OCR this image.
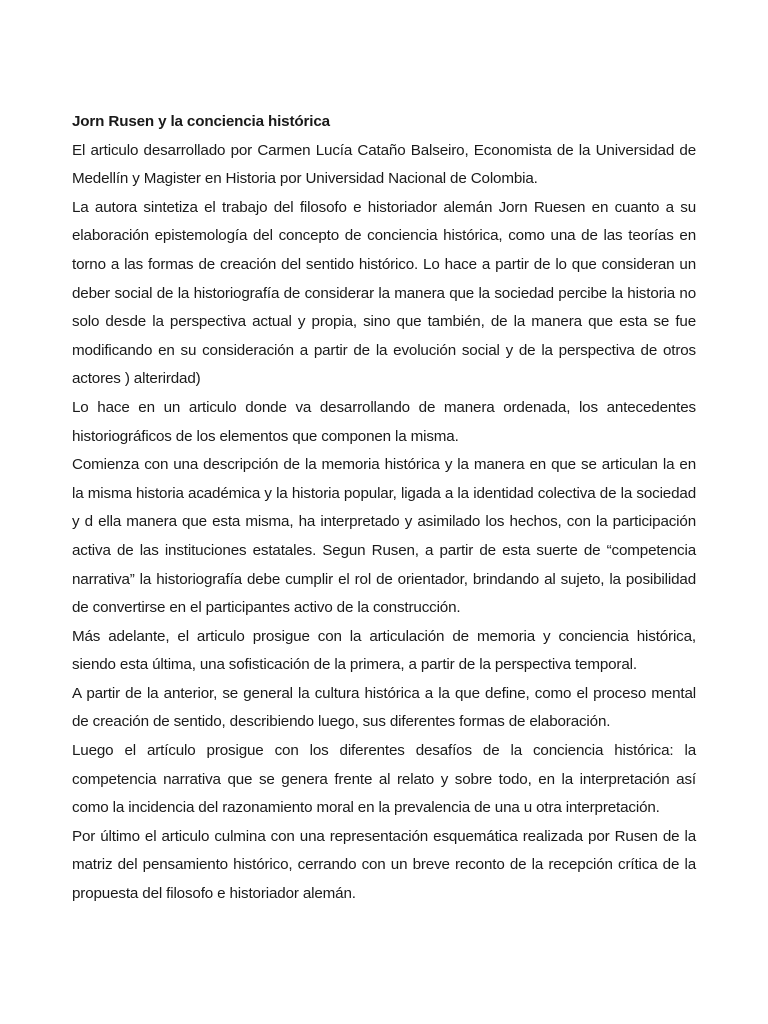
Jorn Rusen y la conciencia histórica

El articulo desarrollado por Carmen Lucía Cataño Balseiro, Economista de la Universidad de Medellín y Magister en Historia por Universidad Nacional de Colombia.

La autora sintetiza el trabajo del filosofo e historiador alemán Jorn Ruesen en cuanto a su elaboración epistemología del concepto de conciencia histórica, como una de las teorías en torno a las formas de creación del sentido histórico. Lo hace a partir de lo que consideran un deber social de la historiografía de considerar la manera que la sociedad percibe la historia no solo desde la perspectiva actual y propia, sino que también, de la manera que esta se fue modificando en su consideración a partir de la evolución social y de la perspectiva de otros actores ) alterirdad)

Lo hace en un articulo donde va desarrollando de manera ordenada, los antecedentes historiográficos de los elementos que componen la misma.

Comienza con una descripción de la memoria histórica y la manera en que se articulan la en la misma historia académica y la historia popular, ligada a la identidad colectiva de la sociedad y d ella manera que esta misma, ha interpretado y asimilado los hechos, con la participación activa de las instituciones estatales. Segun Rusen, a partir de esta suerte de “competencia narrativa” la historiografía debe cumplir el rol de orientador, brindando al sujeto, la posibilidad de convertirse en el participantes activo de la construcción.

Más adelante, el articulo prosigue con la articulación de memoria y conciencia histórica, siendo esta última, una sofisticación de la primera, a partir de la perspectiva temporal.

A partir de la anterior, se general la cultura histórica a la que define, como el proceso mental de creación de sentido, describiendo luego, sus diferentes formas de elaboración.

Luego el artículo prosigue con los diferentes desafíos de la conciencia histórica: la competencia narrativa que se genera frente al relato y sobre todo, en la interpretación así como la incidencia del razonamiento moral en la prevalencia de una u otra interpretación.

Por último el articulo culmina con una representación esquemática realizada por Rusen de la matriz del pensamiento histórico, cerrando con un breve reconto de la recepción crítica de la propuesta del filosofo e historiador alemán.
